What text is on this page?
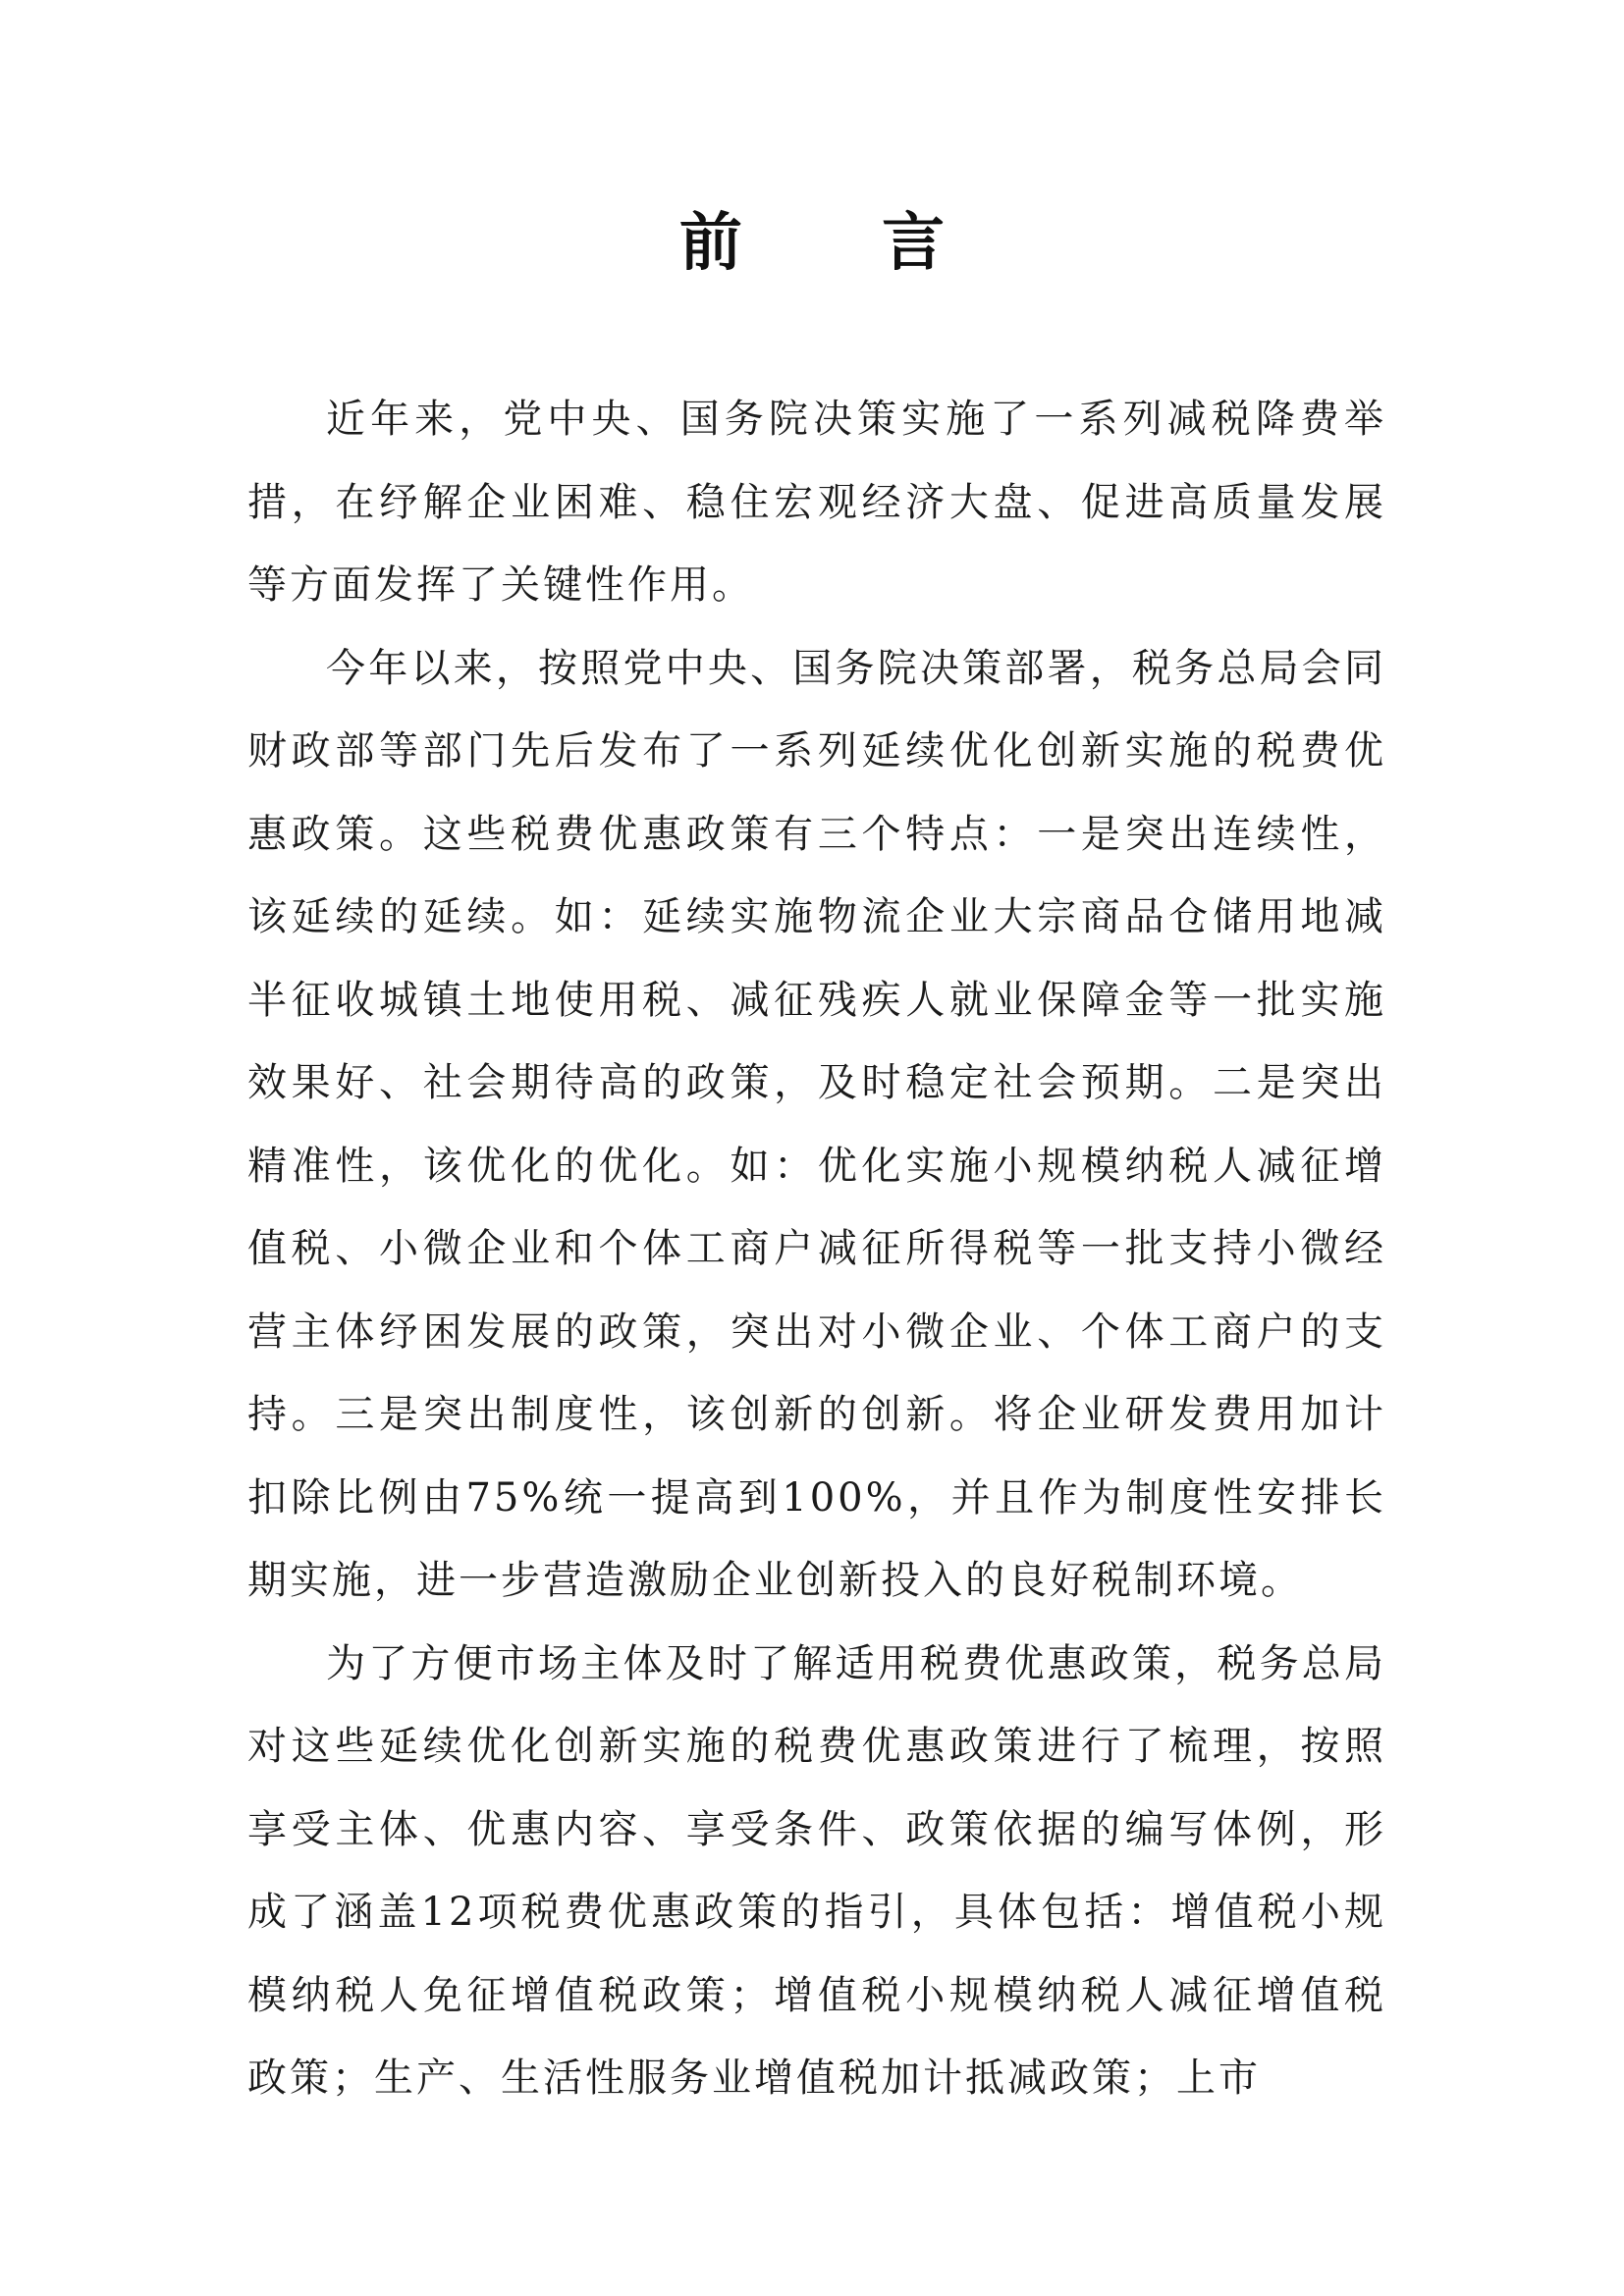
前 言

近年来，党中央、国务院决策实施了一系列减税降费举措，在纾解企业困难、稳住宏观经济大盘、促进高质量发展等方面发挥了关键性作用。

今年以来，按照党中央、国务院决策部署，税务总局会同财政部等部门先后发布了一系列延续优化创新实施的税费优惠政策。这些税费优惠政策有三个特点：一是突出连续性，该延续的延续。如：延续实施物流企业大宗商品仓储用地减半征收城镇土地使用税、减征残疾人就业保障金等一批实施效果好、社会期待高的政策，及时稳定社会预期。二是突出精准性，该优化的优化。如：优化实施小规模纳税人减征增值税、小微企业和个体工商户减征所得税等一批支持小微经营主体纾困发展的政策，突出对小微企业、个体工商户的支持。三是突出制度性，该创新的创新。将企业研发费用加计扣除比例由75%统一提高到100%，并且作为制度性安排长期实施，进一步营造激励企业创新投入的良好税制环境。

为了方便市场主体及时了解适用税费优惠政策，税务总局对这些延续优化创新实施的税费优惠政策进行了梳理，按照享受主体、优惠内容、享受条件、政策依据的编写体例，形成了涵盖12项税费优惠政策的指引，具体包括：增值税小规模纳税人免征增值税政策；增值税小规模纳税人减征增值税政策；生产、生活性服务业增值税加计抵减政策；上市
